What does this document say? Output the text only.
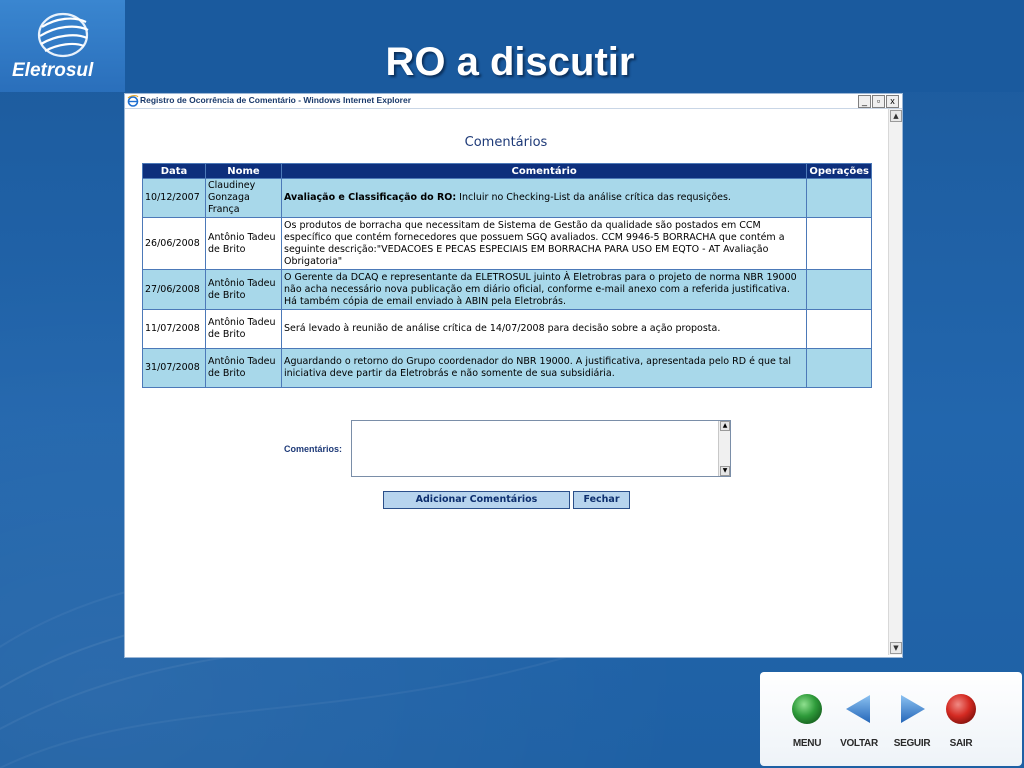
Eletrosul	RO a discutir
Registro de Ocorrência de Comentário - Windows Internet Explorer	_	▫	x
Comentários
Data	Nome	Comentário	Operações
10/12/2007	Claudiney Gonzaga França	Avaliação e Classificação do RO: Incluir no Checking-List da análise crítica das requsições.	
26/06/2008	Antônio Tadeu de Brito	Os produtos de borracha que necessitam de Sistema de Gestão da qualidade são postados em CCM específico que contém fornecedores que possuem SGQ avaliados. CCM 9946-5 BORRACHA que contém a seguinte descrição:"VEDACOES E PECAS ESPECIAIS EM BORRACHA PARA USO EM EQTO - AT Avaliação Obrigatoria"	
27/06/2008	Antônio Tadeu de Brito	O Gerente da DCAQ e representante da ELETROSUL juinto À Eletrobras para o projeto de norma NBR 19000 não acha necessário nova publicação em diário oficial, conforme e-mail anexo com a referida justificativa. Há também cópia de email enviado à ABIN pela Eletrobrás.	
11/07/2008	Antônio Tadeu de Brito	Será levado à reunião de análise crítica de 14/07/2008 para decisão sobre a ação proposta.	
31/07/2008	Antônio Tadeu de Brito	Aguardando o retorno do Grupo coordenador do NBR 19000. A justificativa, apresentada pelo RD é que tal iniciativa deve partir da Eletrobrás e não somente de sua subsidiária.	
Comentários:
▲
▼
Adicionar Comentários	Fechar
▲
▼
MENU	VOLTAR	SEGUIR	SAIR
